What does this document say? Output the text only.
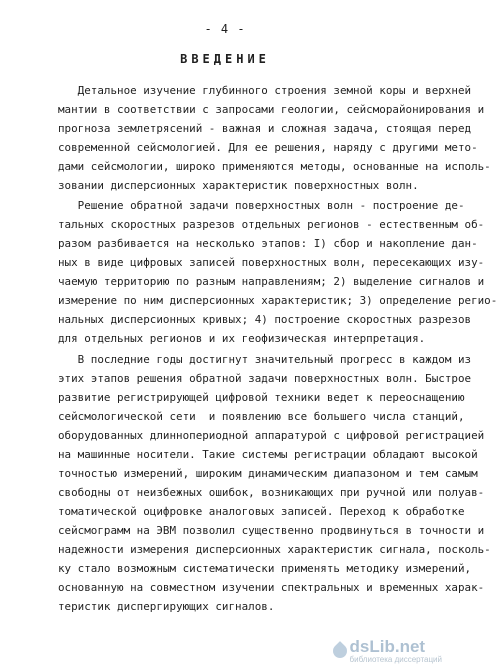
- 4 -
ВВЕДЕНИЕ
Детальное изучение глубинного строения земной коры и верхней
мантии в соответствии с запросами геологии, сейсморайонирования и
прогноза землетрясений - важная и сложная задача, стоящая перед
современной сейсмологией. Для ее решения, наряду с другими мето-
дами сейсмологии, широко применяются методы, основанные на исполь-
зовании дисперсионных характеристик поверхностных волн.
Решение обратной задачи поверхностных волн - построение де-
тальных скоростных разрезов отдельных регионов - естественным об-
разом разбивается на несколько этапов: I) сбор и накопление дан-
ных в виде цифровых записей поверхностных волн, пересекающих изу-
чаемую территорию по разным направлениям; 2) выделение сигналов и
измерение по ним дисперсионных характеристик; 3) определение регио-
нальных дисперсионных кривых; 4) построение скоростных разрезов
для отдельных регионов и их геофизическая интерпретация.
В последние годы достигнут значительный прогресс в каждом из
этих этапов решения обратной задачи поверхностных волн. Быстрое
развитие регистрирующей цифровой техники ведет к переоснащению
сейсмологической сети  и появлению все большего числа станций,
оборудованных длиннопериодной аппаратурой с цифровой регистрацией
на машинные носители. Такие системы регистрации обладают высокой
точностью измерений, широким динамическим диапазоном и тем самым
свободны от неизбежных ошибок, возникающих при ручной или полуав-
томатической оцифровке аналоговых записей. Переход к обработке
сейсмограмм на ЭВМ позволил существенно продвинуться в точности и
надежности измерения дисперсионных характеристик сигнала, посколь-
ку стало возможным систематически применять методику измерений,
основанную на совместном изучении спектральных и временных харак-
теристик диспергирующих сигналов.
dsLib.net
библиотека диссертаций
